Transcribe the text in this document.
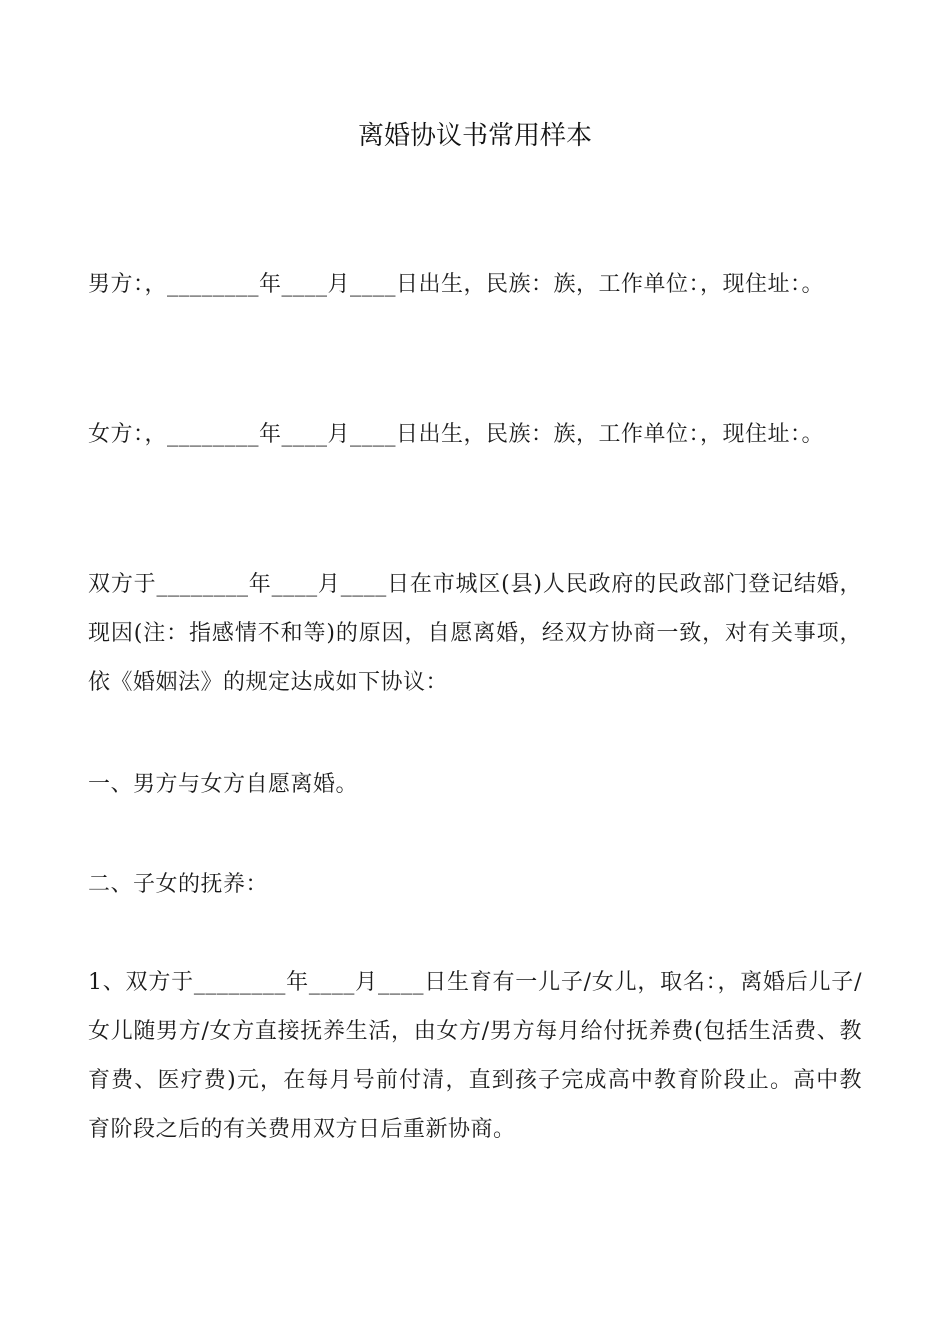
离婚协议书常用样本
男方：，________年____月____日出生，民族：族，工作单位：，现住址：。
女方：，________年____月____日出生，民族：族，工作单位：，现住址：。
双方于________年____月____日在市城区(县)人民政府的民政部门登记结婚，现因(注：指感情不和等)的原因，自愿离婚，经双方协商一致，对有关事项，依《婚姻法》的规定达成如下协议：
一、男方与女方自愿离婚。
二、子女的抚养：
1、双方于________年____月____日生育有一儿子/女儿，取名：，离婚后儿子/女儿随男方/女方直接抚养生活，由女方/男方每月给付抚养费(包括生活费、教育费、医疗费)元，在每月号前付清，直到孩子完成高中教育阶段止。高中教育阶段之后的有关费用双方日后重新协商。
